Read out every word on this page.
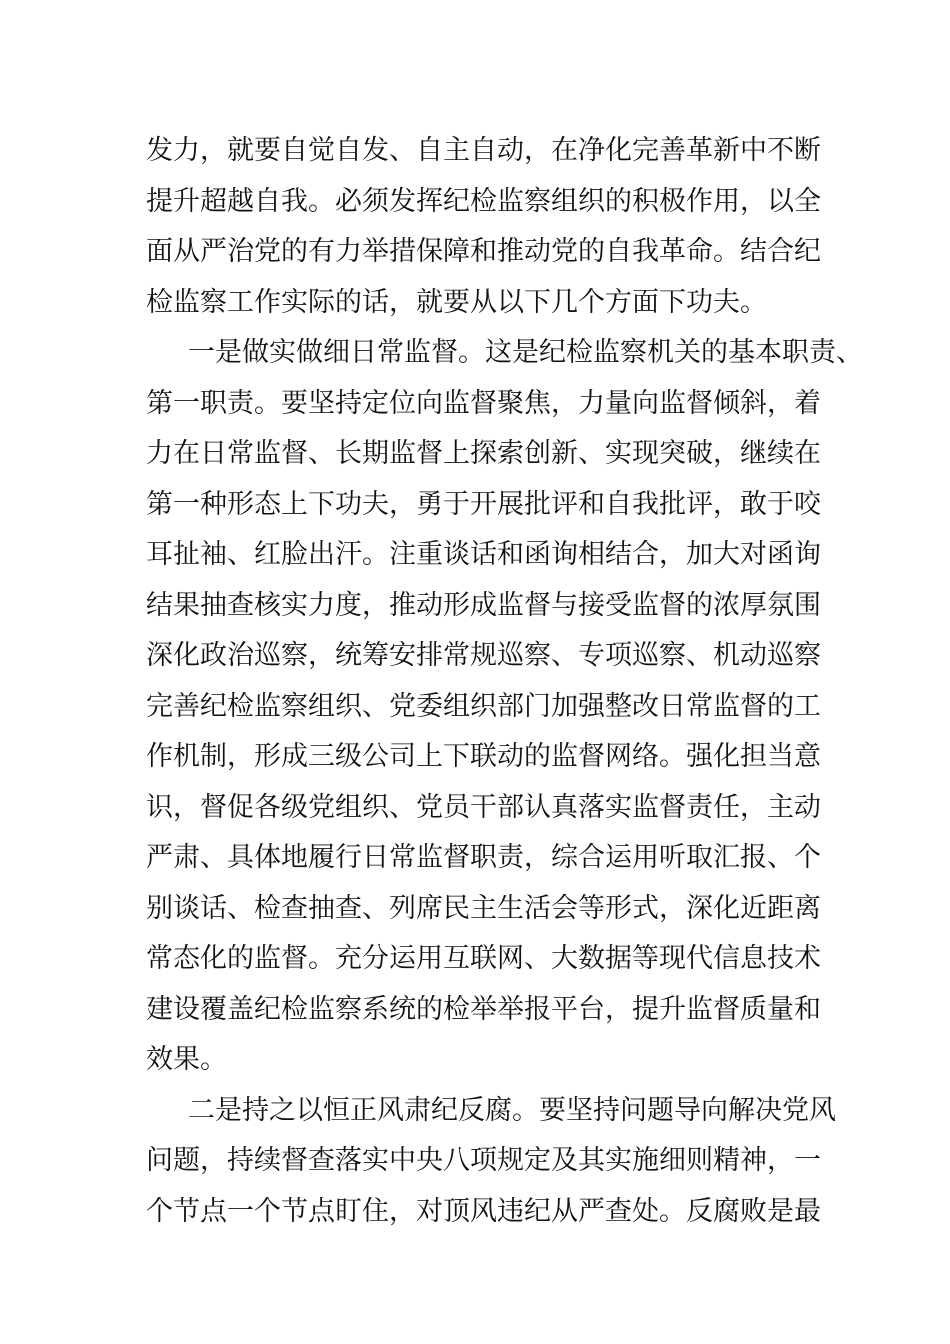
发力，就要自觉自发、自主自动，在净化完善革新中不断
提升超越自我。必须发挥纪检监察组织的积极作用，以全
面从严治党的有力举措保障和推动党的自我革命。结合纪
检监察工作实际的话，就要从以下几个方面下功夫。
一是做实做细日常监督。这是纪检监察机关的基本职责、
第一职责。要坚持定位向监督聚焦，力量向监督倾斜，着
力在日常监督、长期监督上探索创新、实现突破，继续在
第一种形态上下功夫，勇于开展批评和自我批评，敢于咬
耳扯袖、红脸出汗。注重谈话和函询相结合，加大对函询
结果抽查核实力度，推动形成监督与接受监督的浓厚氛围
深化政治巡察，统筹安排常规巡察、专项巡察、机动巡察
完善纪检监察组织、党委组织部门加强整改日常监督的工
作机制，形成三级公司上下联动的监督网络。强化担当意
识，督促各级党组织、党员干部认真落实监督责任，主动
严肃、具体地履行日常监督职责，综合运用听取汇报、个
别谈话、检查抽查、列席民主生活会等形式，深化近距离
常态化的监督。充分运用互联网、大数据等现代信息技术
建设覆盖纪检监察系统的检举举报平台，提升监督质量和
效果。
二是持之以恒正风肃纪反腐。要坚持问题导向解决党风
问题，持续督查落实中央八项规定及其实施细则精神，一
个节点一个节点盯住，对顶风违纪从严查处。反腐败是最
